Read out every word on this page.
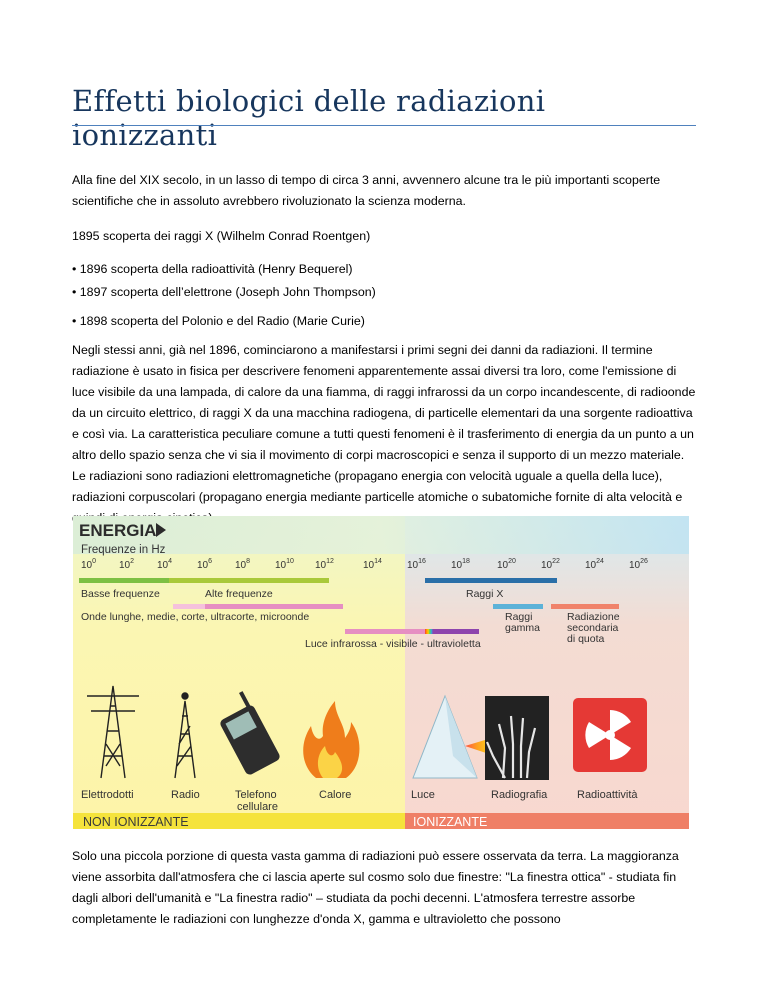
Effetti biologici delle radiazioni ionizzanti

Alla fine del XIX secolo, in un lasso di tempo di circa 3 anni, avvennero alcune tra le più importanti scoperte scientifiche che in assoluto avrebbero rivoluzionato la scienza moderna.

1895 scoperta dei raggi X (Wilhelm Conrad Roentgen)

• 1896 scoperta della radioattività (Henry Bequerel)

• 1897 scoperta dell’elettrone (Joseph John Thompson)

• 1898 scoperta del Polonio e del Radio (Marie Curie)

Negli stessi anni, già nel 1896, cominciarono a manifestarsi i primi segni dei danni da radiazioni. Il termine radiazione è usato in fisica per descrivere fenomeni apparentemente assai diversi tra loro, come l'emissione di luce visibile da una lampada, di calore da una fiamma, di raggi infrarossi da un corpo incandescente, di radioonde da un circuito elettrico, di raggi X da una macchina radiogena, di particelle elementari da una sorgente radioattiva e così via. La caratteristica peculiare comune a tutti questi fenomeni è il trasferimento di energia da un punto a un altro dello spazio senza che vi sia il movimento di corpi macroscopici e senza il supporto di un mezzo materiale. Le radiazioni sono radiazioni elettromagnetiche (propagano energia con velocità uguale a quella della luce), radiazioni corpuscolari (propagano energia mediante particelle atomiche o subatomiche fornite di alta velocità e

ENERGIA
Frequenze in Hz
$10^0$ $10^2$ $10^4$ $10^6$ $10^8$ $10^{10}$ $10^{12}$	$10^{14}$	$10^{16}$	$10^{18}$	$10^{20}$	$10^{22}$	$10^{24}$	$10^{26}$
Basse frequenze	Alte frequenze	Raggi X
Onde lunghe, medie, corte, ultracorte, microonde	Raggi gamma
Radiazione secondaria di quota
Luce infrarossa - visibile - ultravioletta
Elettrodotti	Radio	Telefono
cellulare
Calore	Luce	Radiografia	Radioattività
NON IONIZZANTE	IONIZZANTE

Solo una piccola porzione di questa vasta gamma di radiazioni può essere osservata da terra. La maggioranza viene assorbita dall'atmosfera che ci lascia aperte sul cosmo solo due finestre: "La finestra ottica" - studiata fin dagli albori dell'umanità e "La finestra radio" – studiata da pochi decenni. L'atmosfera terrestre assorbe completamente le radiazioni con lunghezze d'onda X, gamma e ultravioletto che possono
